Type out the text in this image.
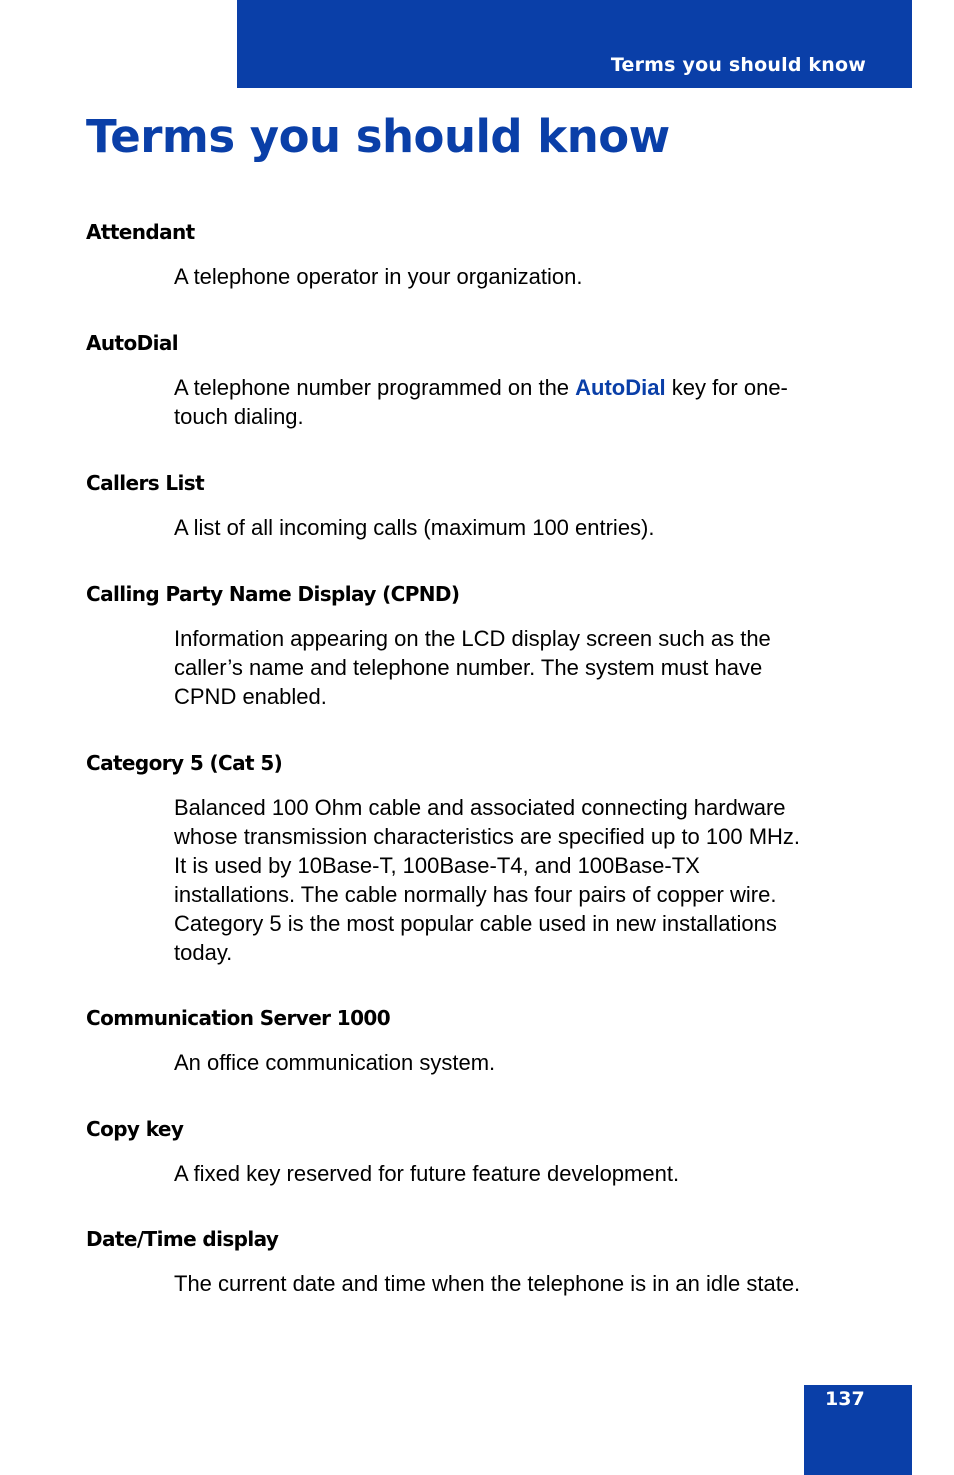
Terms you should know
Terms you should know
Attendant
A telephone operator in your organization.
AutoDial
A telephone number programmed on the AutoDial key for one-
touch dialing.
Callers List
A list of all incoming calls (maximum 100 entries).
Calling Party Name Display (CPND)
Information appearing on the LCD display screen such as the
caller’s name and telephone number. The system must have
CPND enabled.
Category 5 (Cat 5)
Balanced 100 Ohm cable and associated connecting hardware
whose transmission characteristics are specified up to 100 MHz.
It is used by 10Base-T, 100Base-T4, and 100Base-TX
installations. The cable normally has four pairs of copper wire.
Category 5 is the most popular cable used in new installations
today.
Communication Server 1000
An office communication system.
Copy key
A fixed key reserved for future feature development.
Date/Time display
The current date and time when the telephone is in an idle state.
137
